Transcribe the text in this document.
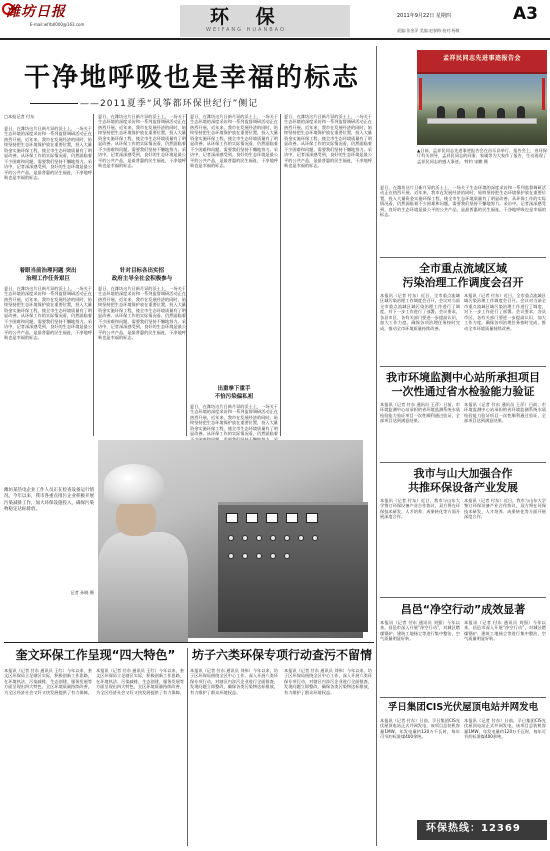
潍坊日报
E-mail:wfrb0000@163.com	环 保
WEIFANG HUANBAO
2011年9月22日 星期四	A3
责编:张金萍 美编:赵春梅 校对:杨敏
干净地呼吸也是幸福的标志
——2011夏季“风筝都环保世纪行”侧记
孟祥民同志先进事迹报告会
▲日前，孟祥民同志先进事迹报告会在昌乐县举行。报告会上，省环保厅有关领导，孟祥民同志的同事、家属等为大家作了报告，生动再现了孟祥民同志的感人事迹。 特约 宋鹏 摄
□本报记者 付东
夏日，在潍坊这片日新月异的沃土上，一场关于生态环境的深度采访和一系列监督调研活动正在热烈开展。近年来，我市在发展经济的同时，始终坚持把生态环境保护放在重要位置，投入大量资金实施环保工程，使全市生态环境质量有了明显改善。从环保工作的实际情况看，仍然面临着不少困难和问题，需要我们坚持不懈地努力。采访中，记者深深感受到，良好的生态环境是最公平的公共产品，是最普惠的民生福祉，干净地呼吸也是幸福的标志。
着眼当前治理问题 突出
治理工作任务艰巨
夏日，在潍坊这片日新月异的沃土上，一场关于生态环境的深度采访和一系列监督调研活动正在热烈开展。近年来，我市在发展经济的同时，始终坚持把生态环境保护放在重要位置，投入大量资金实施环保工程，使全市生态环境质量有了明显改善。从环保工作的实际情况看，仍然面临着不少困难和问题，需要我们坚持不懈地努力。采访中，记者深深感受到，良好的生态环境是最公平的公共产品，是最普惠的民生福祉，干净地呼吸也是幸福的标志。
夏日，在潍坊这片日新月异的沃土上，一场关于生态环境的深度采访和一系列监督调研活动正在热烈开展。近年来，我市在发展经济的同时，始终坚持把生态环境保护放在重要位置，投入大量资金实施环保工程，使全市生态环境质量有了明显改善。从环保工作的实际情况看，仍然面临着不少困难和问题，需要我们坚持不懈地努力。采访中，记者深深感受到，良好的生态环境是最公平的公共产品，是最普惠的民生福祉，干净地呼吸也是幸福的标志。
针对目标各出实招
政府主导全社会积极参与
夏日，在潍坊这片日新月异的沃土上，一场关于生态环境的深度采访和一系列监督调研活动正在热烈开展。近年来，我市在发展经济的同时，始终坚持把生态环境保护放在重要位置，投入大量资金实施环保工程，使全市生态环境质量有了明显改善。从环保工作的实际情况看，仍然面临着不少困难和问题，需要我们坚持不懈地努力。采访中，记者深深感受到，良好的生态环境是最公平的公共产品，是最普惠的民生福祉，干净地呼吸也是幸福的标志。
夏日，在潍坊这片日新月异的沃土上，一场关于生态环境的深度采访和一系列监督调研活动正在热烈开展。近年来，我市在发展经济的同时，始终坚持把生态环境保护放在重要位置，投入大量资金实施环保工程，使全市生态环境质量有了明显改善。从环保工作的实际情况看，仍然面临着不少困难和问题，需要我们坚持不懈地努力。采访中，记者深深感受到，良好的生态环境是最公平的公共产品，是最普惠的民生福祉，干净地呼吸也是幸福的标志。
出重拳下重手
不恰污染偏私袒
夏日，在潍坊这片日新月异的沃土上，一场关于生态环境的深度采访和一系列监督调研活动正在热烈开展。近年来，我市在发展经济的同时，始终坚持把生态环境保护放在重要位置，投入大量资金实施环保工程，使全市生态环境质量有了明显改善。从环保工作的实际情况看，仍然面临着
夏日，在潍坊这片日新月异的沃土上，一场关于生态环境的深度采访和一系列监督调研活动正在热烈开展。近年来，我市在发展经济的同时，始终坚持把生态环境保护放在重要位置，投入大量资金实施环保工程，使全市生态环境质量有了明显改善。从环保工作的实际情况看，仍然面临着不少困难和问题，需要我们坚持不懈地努力。采访中，记者深深感受到，良好的生态环境是最公平的公共产品，是最普惠的民生福祉，干净地呼吸也是幸福的标志。
潍坊某热电企业工作人员正在检查设备运行情况。今年以来，我市各重点排污企业积极开展污染减排工作，加大环保设施投入，确保污染物稳定达标排放。
记者 孙晓 摄
夏日，在潍坊这片日新月异的沃土上，一场关于生态环境的深度采访和一系列监督调研活动正在热烈开展。近年来，我市在发展经济的同时，始终坚持把生态环境保护放在重要位置，投入大量资金实施环保工程，使全市生态环境质量有了明显改善。从环保工作的实际情况看，仍然面临着不少困难和问题，需要我们坚持不懈地努力。采访中，记者深深感受到，良好的生态环境是最公平的公共产品，是最普惠的民生福祉，干净地呼吸也是幸福的标志。
全市重点流域区域
污染治理工作调度会召开
本报讯（记者 付东）近日，全市重点流域区域污染治理工作调度会召开。会议对当前全市重点流域区域污染治理工作进行了调度，对下一步工作进行了部署。会议要求，各县市区、各有关部门要进一步提高认识，加大工作力度，确保各项治理任务按时完成，推动全市环境质量持续改善。
本报讯（记者 付东）近日，全市重点流域区域污染治理工作调度会召开。会议对当前全市重点流域区域污染治理工作进行了调度，对下一步工作进行了部署。会议要求，各县市区、各有关部门要进一步提高认识，加大工作力度，确保各项治理任务按时完成，推动全市环境质量持续改善。
我市环境监测中心站所承担项目
一次性通过省水检验能力验证
本报讯（记者 付东 通讯员 王萍）日前，市环境监测中心站承担的省环境监测系统水质检验能力验证项目一次性顺利通过验证，全部项目达到满意结果。
本报讯（记者 付东 通讯员 王萍）日前，市环境监测中心站承担的省环境监测系统水质检验能力验证项目一次性顺利通过验证，全部项目达到满意结果。
我市与山大加强合作
共推环保设备产业发展
本报讯（记者 付东）近日，我市与山东大学签订环保设备产业合作协议，双方将在环保技术研发、人才培养、成果转化等方面开展深度合作。
本报讯（记者 付东）近日，我市与山东大学签订环保设备产业合作协议，双方将在环保技术研发、人才培养、成果转化等方面开展深度合作。
昌邑“净空行动”成效显著
本报讯（记者 付东 通讯员 刘强）今年以来，昌邑市深入开展“净空行动”，对城区燃煤锅炉、建筑工地扬尘等进行集中整治，空气质量明显好转。
本报讯（记者 付东 通讯员 刘强）今年以来，昌邑市深入开展“净空行动”，对城区燃煤锅炉、建筑工地扬尘等进行集中整治，空气质量明显好转。
孚日集团CIS光伏屋顶电站并网发电
本报讯（记者 付东）日前，孚日集团CIS光伏屋顶电站正式并网发电，该项目总装机容量1MW，年发电量约120万千瓦时，每年可节约标准煤400余吨。
本报讯（记者 付东）日前，孚日集团CIS光伏屋顶电站正式并网发电，该项目总装机容量1MW，年发电量约120万千瓦时，每年可节约标准煤400余吨。
环保热线：12369
奎文环保工作呈现“四大特色”
本报讯（记者 付东 通讯员 王红）今年以来，奎文区环保局立足辖区实际，积极创新工作思路，在环境执法、污染减排、生态创建、服务发展等方面呈现出四大特色，全区环境质量持续改善，为全区经济社会又好又快发展提供了有力保障。
本报讯（记者 付东 通讯员 王红）今年以来，奎文区环保局立足辖区实际，积极创新工作思路，在环境执法、污染减排、生态创建、服务发展等方面呈现出四大特色，全区环境质量持续改善，为全区经济社会又好又快发展提供了有力保障。
坊子六类环保专项行动查污不留情
本报讯（记者 付东 通讯员 刘伟）今年以来，坊子区环保局围绕全区中心工作，深入开展六类环保专项行动，对辖区内涉污企业进行全面排查，发现问题立即整改，确保各类污染物达标排放，有力维护了群众环境权益。
本报讯（记者 付东 通讯员 刘伟）今年以来，坊子区环保局围绕全区中心工作，深入开展六类环保专项行动，对辖区内涉污企业进行全面排查，发现问题立即整改，确保各类污染物达标排放，有力维护了群众环境权益。
